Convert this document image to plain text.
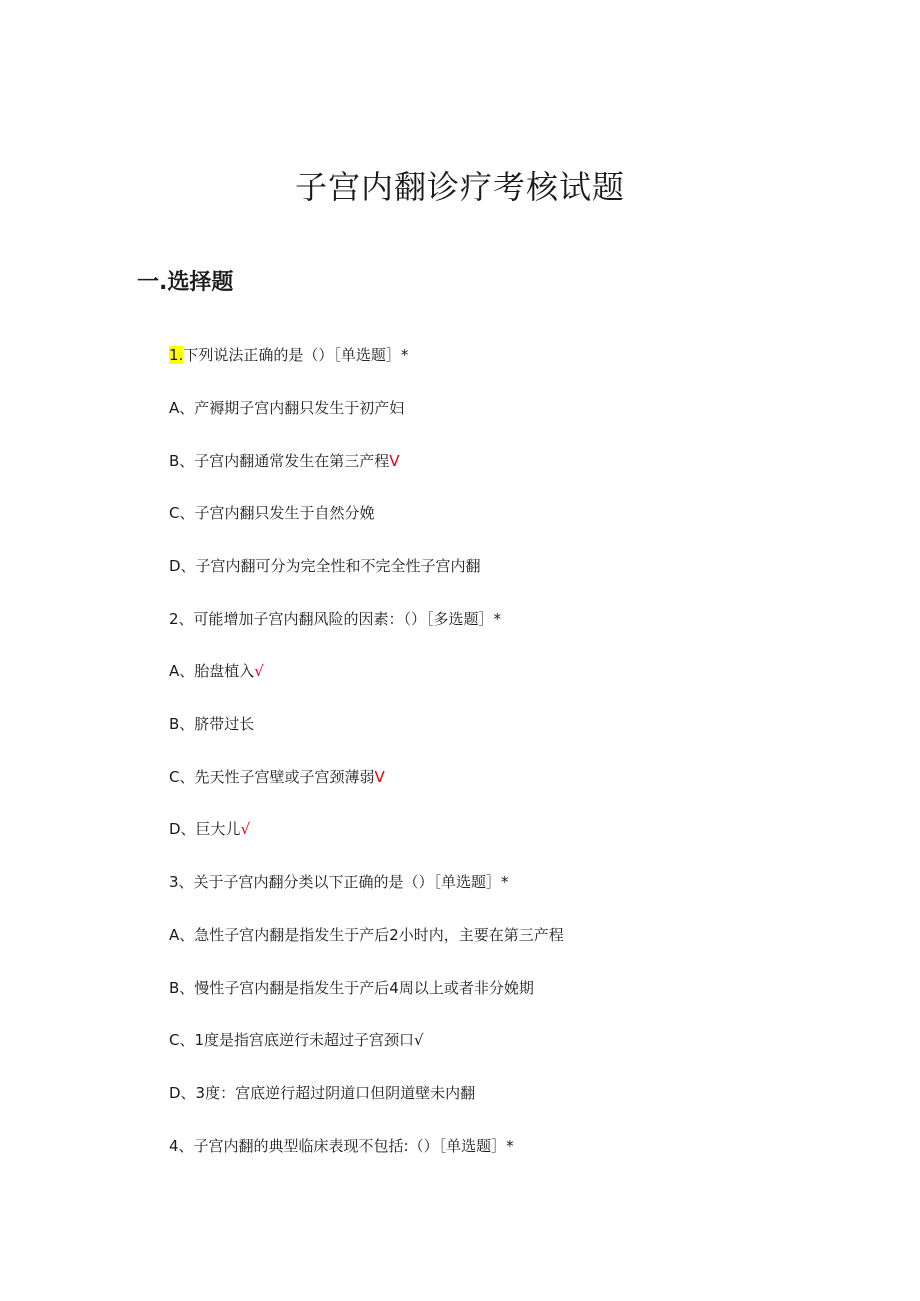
子宫内翻诊疗考核试题
一.选择题
1.下列说法正确的是（）［单选题］*
A、产褥期子宫内翻只发生于初产妇
B、子宫内翻通常发生在第三产程V
C、子宫内翻只发生于自然分娩
D、子宫内翻可分为完全性和不完全性子宫内翻
2、可能增加子宫内翻风险的因素：（）［多选题］*
A、胎盘植入√
B、脐带过长
C、先天性子宫壁或子宫颈薄弱V
D、巨大儿√
3、关于子宫内翻分类以下正确的是（）［单选题］*
A、急性子宫内翻是指发生于产后2小时内，主要在第三产程
B、慢性子宫内翻是指发生于产后4周以上或者非分娩期
C、1度是指宫底逆行未超过子宫颈口√
D、3度：宫底逆行超过阴道口但阴道壁未内翻
4、子宫内翻的典型临床表现不包括:（）［单选题］*
